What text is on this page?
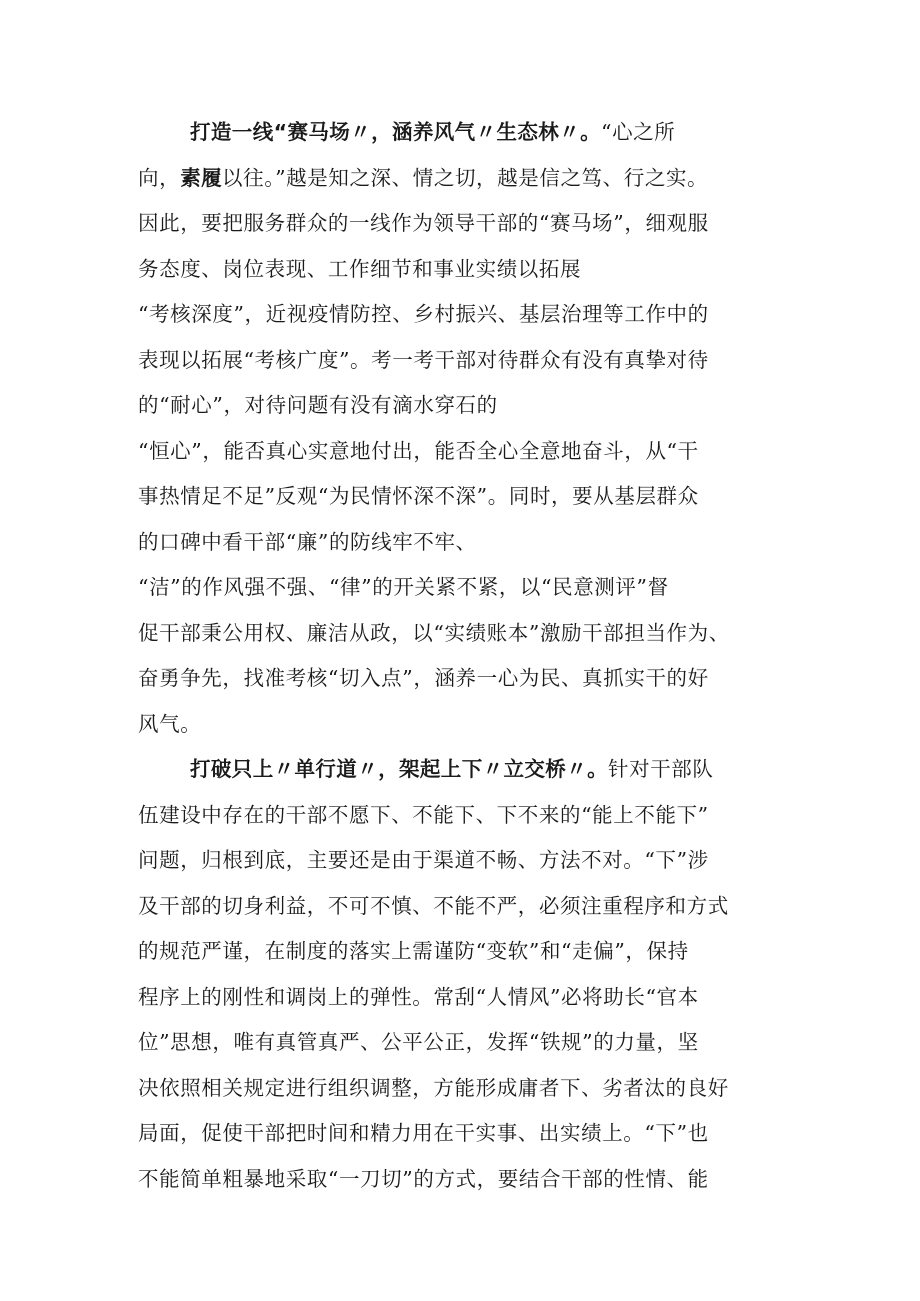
打造一线“赛马场〃，涵养风气〃生态林〃。“心之所
向，素履以往。”越是知之深、情之切，越是信之笃、行之实。
因此，要把服务群众的一线作为领导干部的“赛马场”，细观服
务态度、岗位表现、工作细节和事业实绩以拓展
“考核深度”，近视疫情防控、乡村振兴、基层治理等工作中的
表现以拓展“考核广度”。考一考干部对待群众有没有真挚对待
的“耐心”，对待问题有没有滴水穿石的
“恒心”，能否真心实意地付出，能否全心全意地奋斗，从“干
事热情足不足”反观“为民情怀深不深”。同时，要从基层群众
的口碑中看干部“廉”的防线牢不牢、
“洁”的作风强不强、“律”的开关紧不紧，以“民意测评”督
促干部秉公用权、廉洁从政，以“实绩账本”激励干部担当作为、
奋勇争先，找准考核“切入点”，涵养一心为民、真抓实干的好
风气。
打破只上〃单行道〃，架起上下〃立交桥〃。针对干部队
伍建设中存在的干部不愿下、不能下、下不来的“能上不能下”
问题，归根到底，主要还是由于渠道不畅、方法不对。“下”涉
及干部的切身利益，不可不慎、不能不严，必须注重程序和方式
的规范严谨，在制度的落实上需谨防“变软”和“走偏”，保持
程序上的刚性和调岗上的弹性。常刮“人情风”必将助长“官本
位”思想，唯有真管真严、公平公正，发挥“铁规”的力量，坚
决依照相关规定进行组织调整，方能形成庸者下、劣者汰的良好
局面，促使干部把时间和精力用在干实事、出实绩上。“下”也
不能简单粗暴地采取“一刀切”的方式，要结合干部的性情、能
